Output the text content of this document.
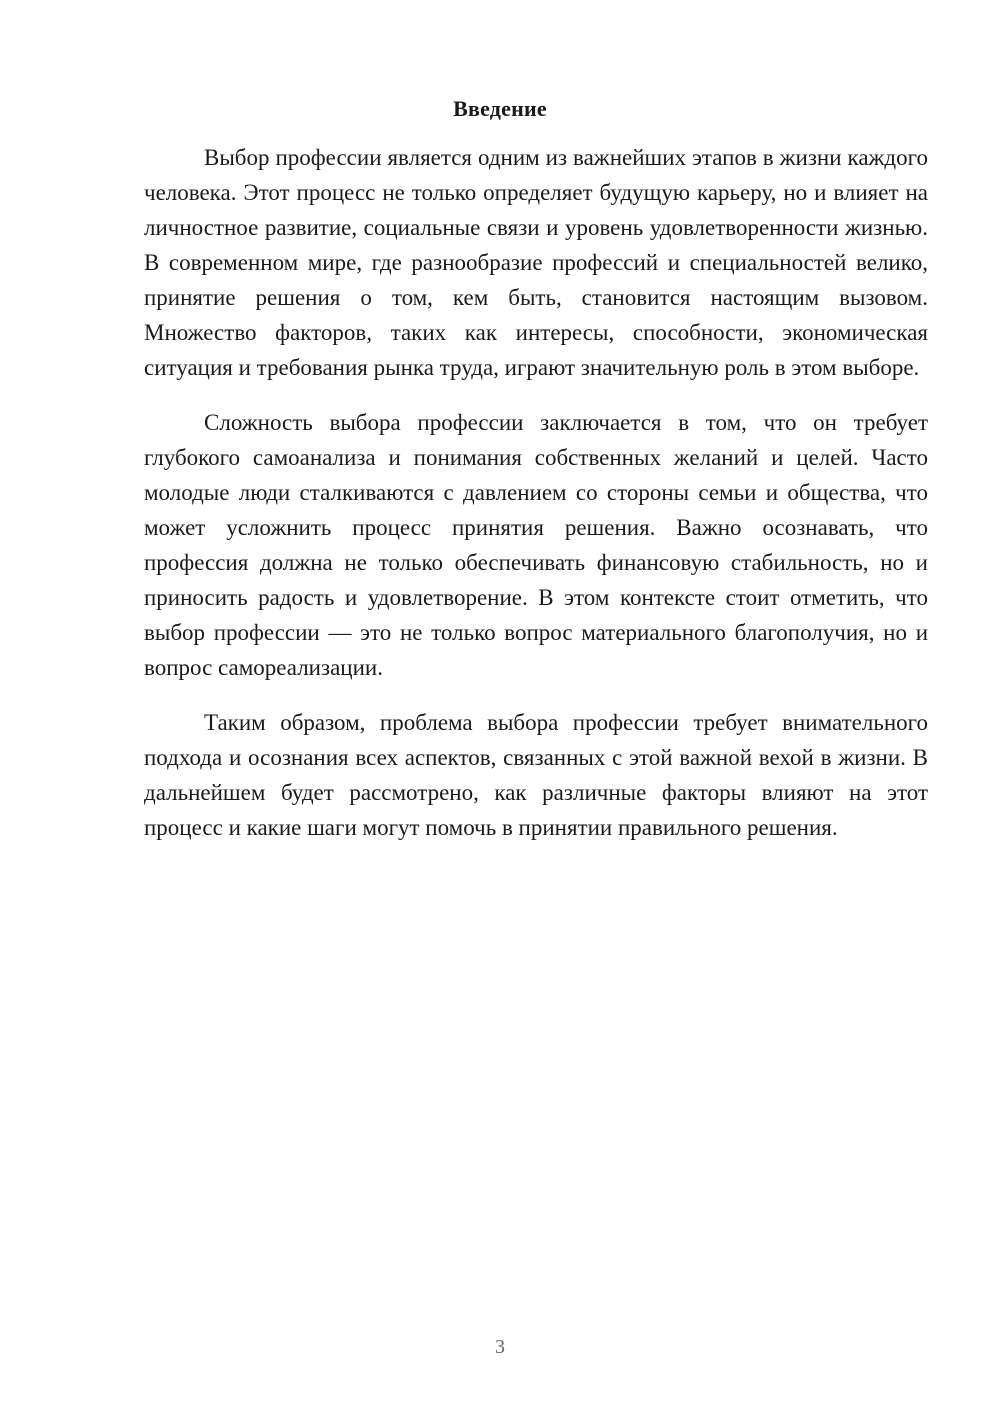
Введение

Выбор профессии является одним из важнейших этапов в жизни каждого человека. Этот процесс не только определяет будущую карьеру, но и влияет на личностное развитие, социальные связи и уровень удовлетворенности жизнью. В современном мире, где разнообразие профессий и специальностей велико, принятие решения о том, кем быть, становится настоящим вызовом. Множество факторов, таких как интересы, способности, экономическая ситуация и требования рынка труда, играют значительную роль в этом выборе.

Сложность выбора профессии заключается в том, что он требует глубокого самоанализа и понимания собственных желаний и целей. Часто молодые люди сталкиваются с давлением со стороны семьи и общества, что может усложнить процесс принятия решения. Важно осознавать, что профессия должна не только обеспечивать финансовую стабильность, но и приносить радость и удовлетворение. В этом контексте стоит отметить, что выбор профессии — это не только вопрос материального благополучия, но и вопрос самореализации.

Таким образом, проблема выбора профессии требует внимательного подхода и осознания всех аспектов, связанных с этой важной вехой в жизни. В дальнейшем будет рассмотрено, как различные факторы влияют на этот процесс и какие шаги могут помочь в принятии правильного решения.

3
